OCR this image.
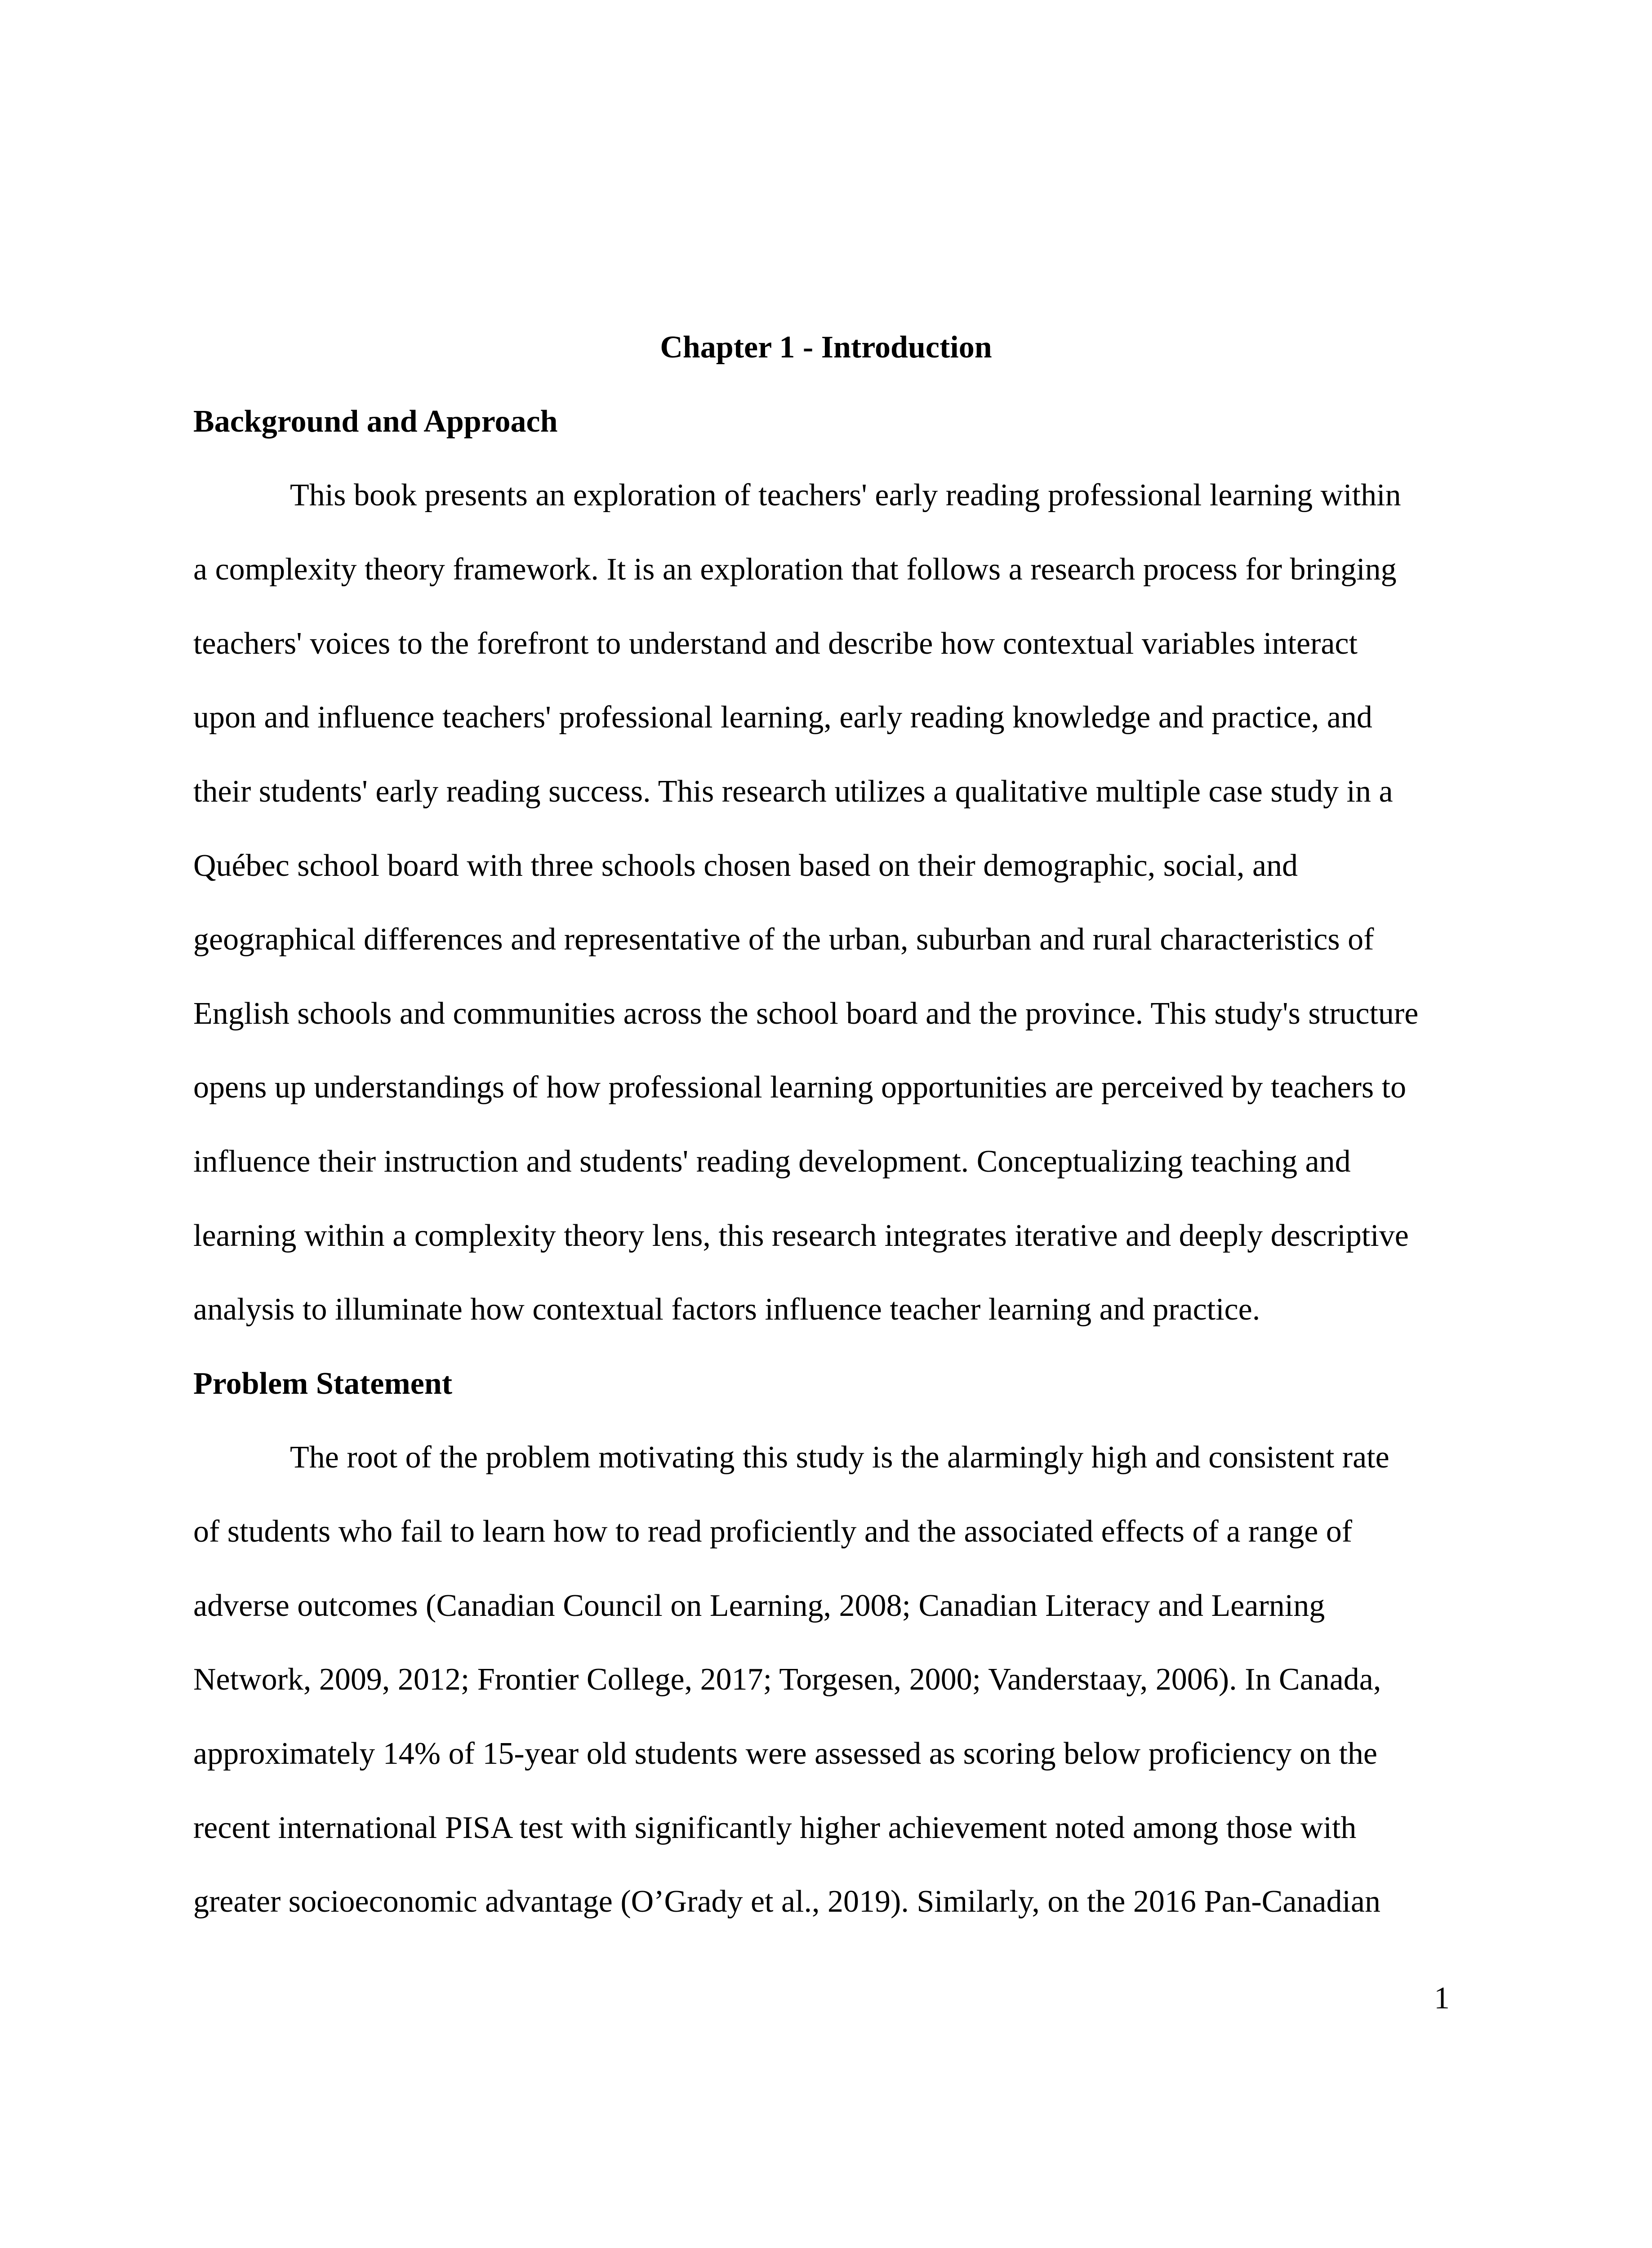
Chapter 1 - Introduction
Background and Approach
This book presents an exploration of teachers' early reading professional learning within
a complexity theory framework. It is an exploration that follows a research process for bringing
teachers' voices to the forefront to understand and describe how contextual variables interact
upon and influence teachers' professional learning, early reading knowledge and practice, and
their students' early reading success. This research utilizes a qualitative multiple case study in a
Québec school board with three schools chosen based on their demographic, social, and
geographical differences and representative of the urban, suburban and rural characteristics of
English schools and communities across the school board and the province. This study's structure
opens up understandings of how professional learning opportunities are perceived by teachers to
influence their instruction and students' reading development. Conceptualizing teaching and
learning within a complexity theory lens, this research integrates iterative and deeply descriptive
analysis to illuminate how contextual factors influence teacher learning and practice.
Problem Statement
The root of the problem motivating this study is the alarmingly high and consistent rate
of students who fail to learn how to read proficiently and the associated effects of a range of
adverse outcomes (Canadian Council on Learning, 2008; Canadian Literacy and Learning
Network, 2009, 2012; Frontier College, 2017; Torgesen, 2000; Vanderstaay, 2006). In Canada,
approximately 14% of 15-year old students were assessed as scoring below proficiency on the
recent international PISA test with significantly higher achievement noted among those with
greater socioeconomic advantage (O’Grady et al., 2019). Similarly, on the 2016 Pan-Canadian
1
